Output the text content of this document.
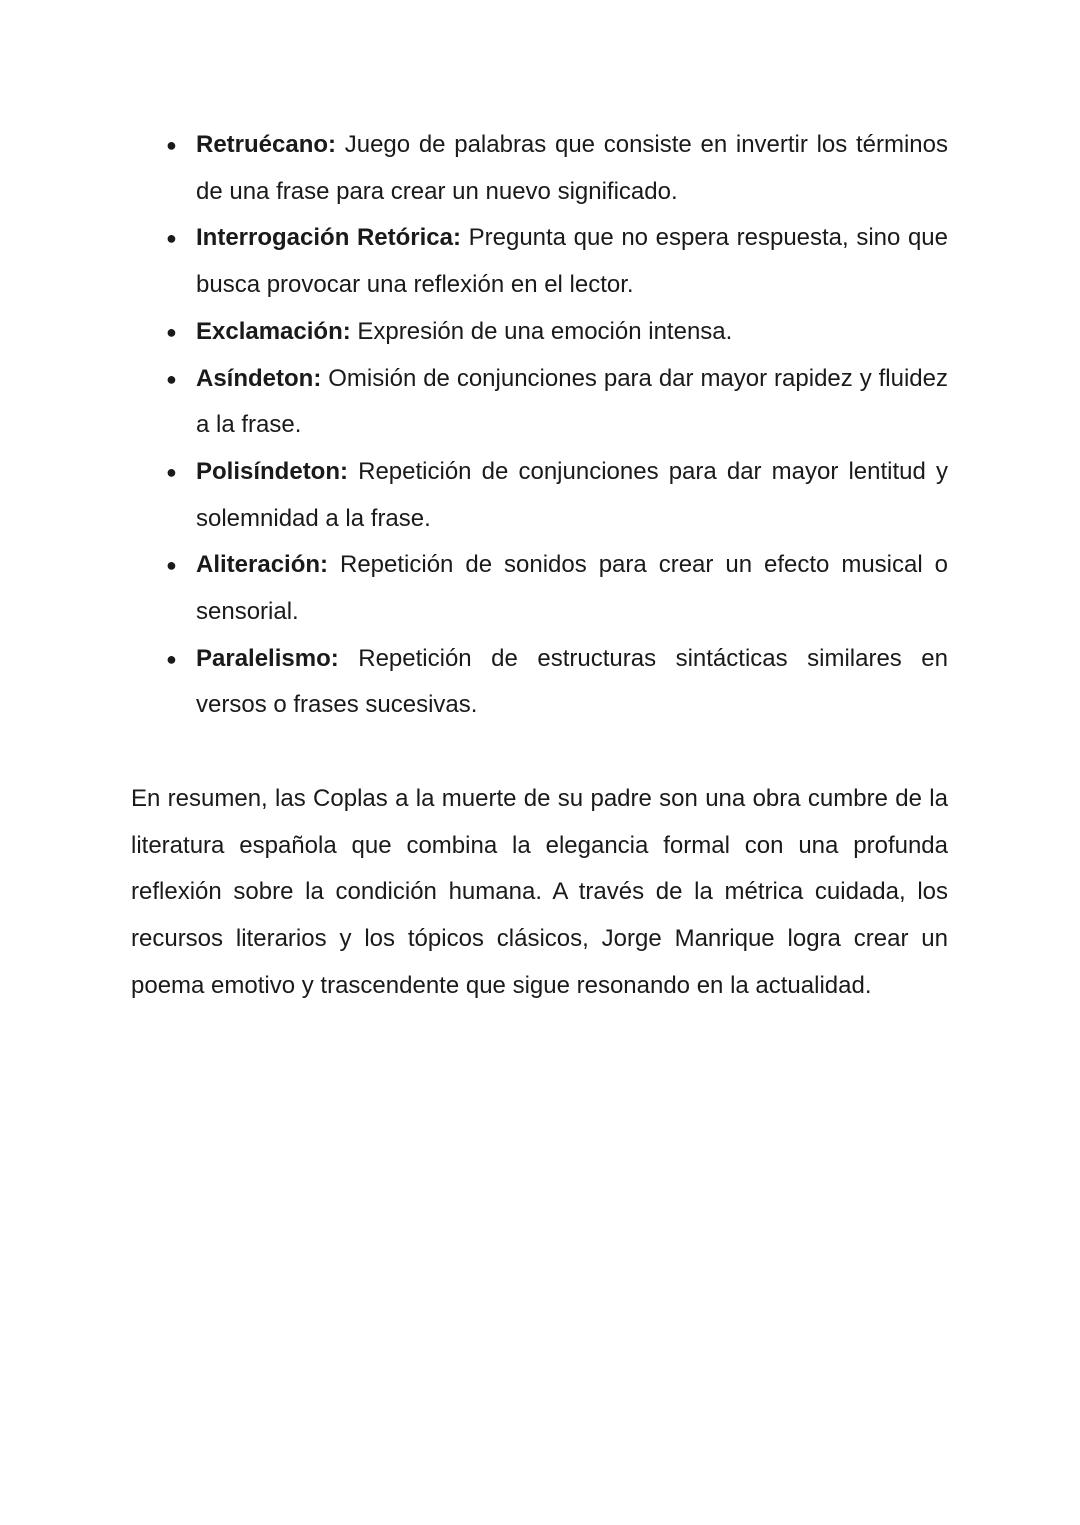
● Retruécano: Juego de palabras que consiste en invertir los términos de una frase para crear un nuevo significado.
● Interrogación Retórica: Pregunta que no espera respuesta, sino que busca provocar una reflexión en el lector.
● Exclamación: Expresión de una emoción intensa.
● Asíndeton: Omisión de conjunciones para dar mayor rapidez y fluidez a la frase.
● Polisíndeton: Repetición de conjunciones para dar mayor lentitud y solemnidad a la frase.
● Aliteración: Repetición de sonidos para crear un efecto musical o sensorial.
● Paralelismo: Repetición de estructuras sintácticas similares en versos o frases sucesivas.

En resumen, las Coplas a la muerte de su padre son una obra cumbre de la literatura española que combina la elegancia formal con una profunda reflexión sobre la condición humana. A través de la métrica cuidada, los recursos literarios y los tópicos clásicos, Jorge Manrique logra crear un poema emotivo y trascendente que sigue resonando en la actualidad.
